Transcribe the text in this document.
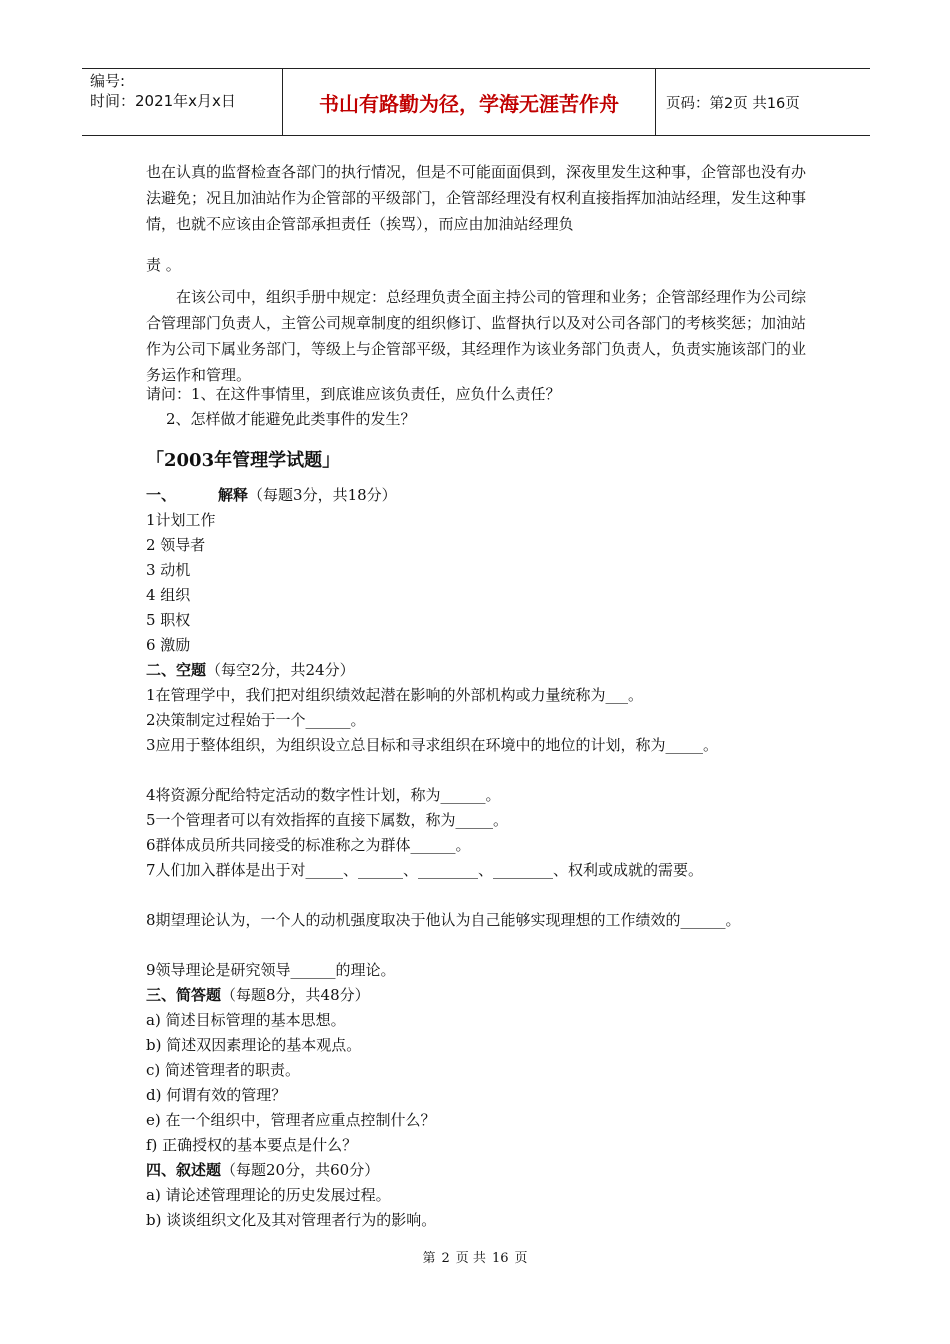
编号:
时间：2021年x月x日	书山有路勤为径，学海无涯苦作舟	页码：第2页 共16页

也在认真的监督检查各部门的执行情况，但是不可能面面俱到，深夜里发生这种事，企管部也没有办法避免；况且加油站作为企管部的平级部门，企管部经理没有权利直接指挥加油站经理，发生这种事情，也就不应该由企管部承担责任（挨骂），而应由加油站经理负

责 。

在该公司中，组织手册中规定：总经理负责全面主持公司的管理和业务；企管部经理作为公司综合管理部门负责人，主管公司规章制度的组织修订、监督执行以及对公司各部门的考核奖惩；加油站作为公司下属业务部门，等级上与企管部平级，其经理作为该业务部门负责人，负责实施该部门的业务运作和管理。

请问：1、在这件事情里，到底谁应该负责任，应负什么责任？

2、怎样做才能避免此类事件的发生？

「2003年管理学试题」

一、	解释（每题3分，共18分）

1计划工作

2 领导者

3 动机

4 组织

5 职权

6 激励

二、空题（每空2分，共24分）

1在管理学中，我们把对组织绩效起潜在影响的外部机构或力量统称为___。

2决策制定过程始于一个______。

3应用于整体组织，为组织设立总目标和寻求组织在环境中的地位的计划，称为_____。

4将资源分配给特定活动的数字性计划，称为______。

5一个管理者可以有效指挥的直接下属数，称为_____。

6群体成员所共同接受的标准称之为群体______。

7人们加入群体是出于对_____、______、________、________、权利或成就的需要。

8期望理论认为，一个人的动机强度取决于他认为自己能够实现理想的工作绩效的______。

9领导理论是研究领导______的理论。

三、简答题（每题8分，共48分）

a) 简述目标管理的基本思想。

b) 简述双因素理论的基本观点。

c) 简述管理者的职责。

d) 何谓有效的管理？

e) 在一个组织中，管理者应重点控制什么？

f) 正确授权的基本要点是什么？

四、叙述题（每题20分，共60分）

a) 请论述管理理论的历史发展过程。

b) 谈谈组织文化及其对管理者行为的影响。

第 2 页 共 16 页
